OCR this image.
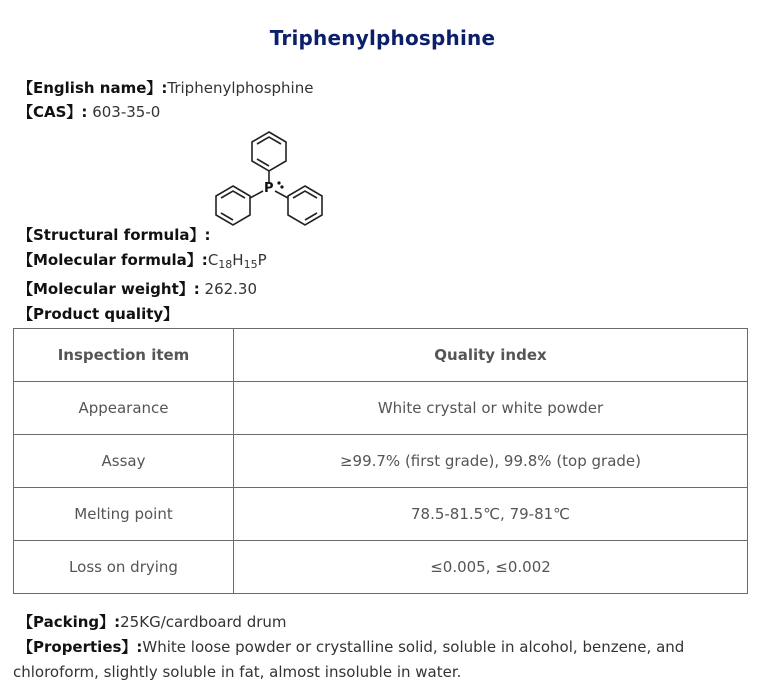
Triphenylphosphine
【English name】:Triphenylphosphine
【CAS】: 603-35-0
P
【Structural formula】:
【Molecular formula】$:C_{18}H_{15}P$
【Molecular weight】: 262.30
【Product quality】
Inspection item	Quality index
Appearance	White crystal or white powder
Assay	≥99.7% (first grade), 99.8% (top grade)
Melting point	78.5-81.5℃, 79-81℃
Loss on drying	≤0.005, ≤0.002
【Packing】:25KG/cardboard drum
【Properties】:White loose powder or crystalline solid, soluble in alcohol, benzene, and
chloroform, slightly soluble in fat, almost insoluble in water.
